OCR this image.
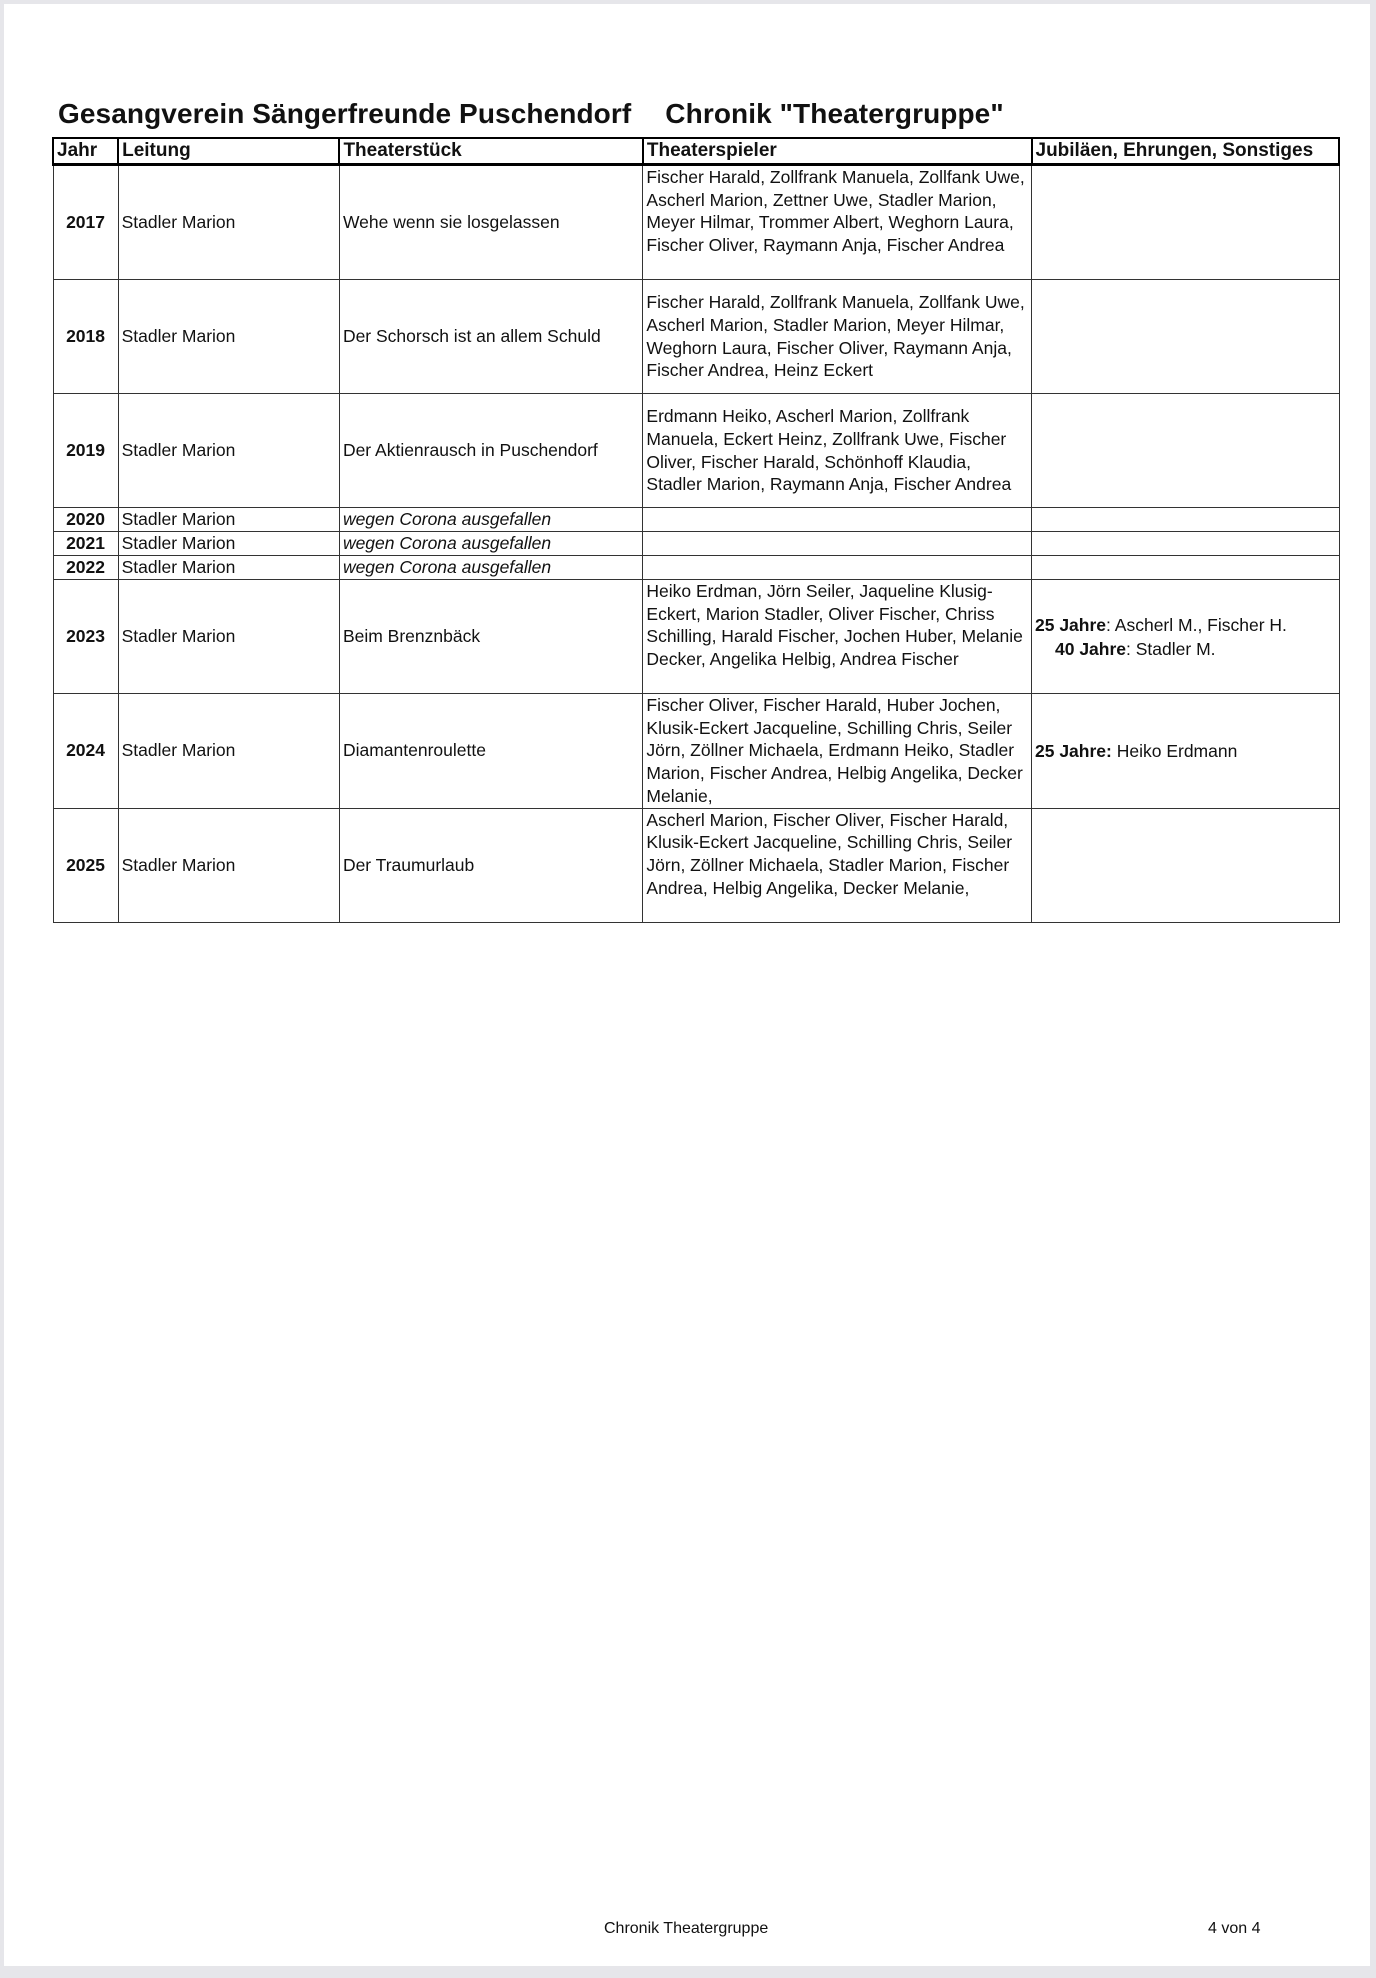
Gesangverein Sängerfreunde Puschendorf Chronik "Theatergruppe"
Jahr	Leitung	Theaterstück	Theaterspieler	Jubiläen, Ehrungen, Sonstiges
2017	Stadler Marion	Wehe wenn sie losgelassen	Fischer Harald, Zollfrank Manuela, Zollfank Uwe, Ascherl Marion, Zettner Uwe, Stadler Marion, Meyer Hilmar, Trommer Albert, Weghorn Laura, Fischer Oliver, Raymann Anja, Fischer Andrea	
2018	Stadler Marion	Der Schorsch ist an allem Schuld	Fischer Harald, Zollfrank Manuela, Zollfank Uwe, Ascherl Marion, Stadler Marion, Meyer Hilmar, Weghorn Laura, Fischer Oliver, Raymann Anja, Fischer Andrea, Heinz Eckert	
2019	Stadler Marion	Der Aktienrausch in Puschendorf	Erdmann Heiko, Ascherl Marion, Zollfrank Manuela, Eckert Heinz, Zollfrank Uwe, Fischer Oliver, Fischer Harald, Schönhoff Klaudia, Stadler Marion, Raymann Anja, Fischer Andrea	
2020	Stadler Marion	wegen Corona ausgefallen		
2021	Stadler Marion	wegen Corona ausgefallen		
2022	Stadler Marion	wegen Corona ausgefallen		
2023	Stadler Marion	Beim Brenznbäck	Heiko Erdman, Jörn Seiler, Jaqueline Klusig-Eckert, Marion Stadler, Oliver Fischer, Chriss Schilling, Harald Fischer, Jochen Huber, Melanie Decker, Angelika Helbig, Andrea Fischer	25 Jahre: Ascherl M., Fischer H.
40 Jahre: Stadler M.

2024	Stadler Marion	Diamantenroulette	Fischer Oliver, Fischer Harald, Huber Jochen, Klusik-Eckert Jacqueline, Schilling Chris, Seiler Jörn, Zöllner Michaela, Erdmann Heiko, Stadler Marion, Fischer Andrea, Helbig Angelika, Decker Melanie,	25 Jahre: Heiko Erdmann

2025	Stadler Marion	Der Traumurlaub	Ascherl Marion, Fischer Oliver, Fischer Harald, Klusik-Eckert Jacqueline, Schilling Chris, Seiler Jörn, Zöllner Michaela, Stadler Marion, Fischer Andrea, Helbig Angelika, Decker Melanie,	
Chronik Theatergruppe	4 von 4
